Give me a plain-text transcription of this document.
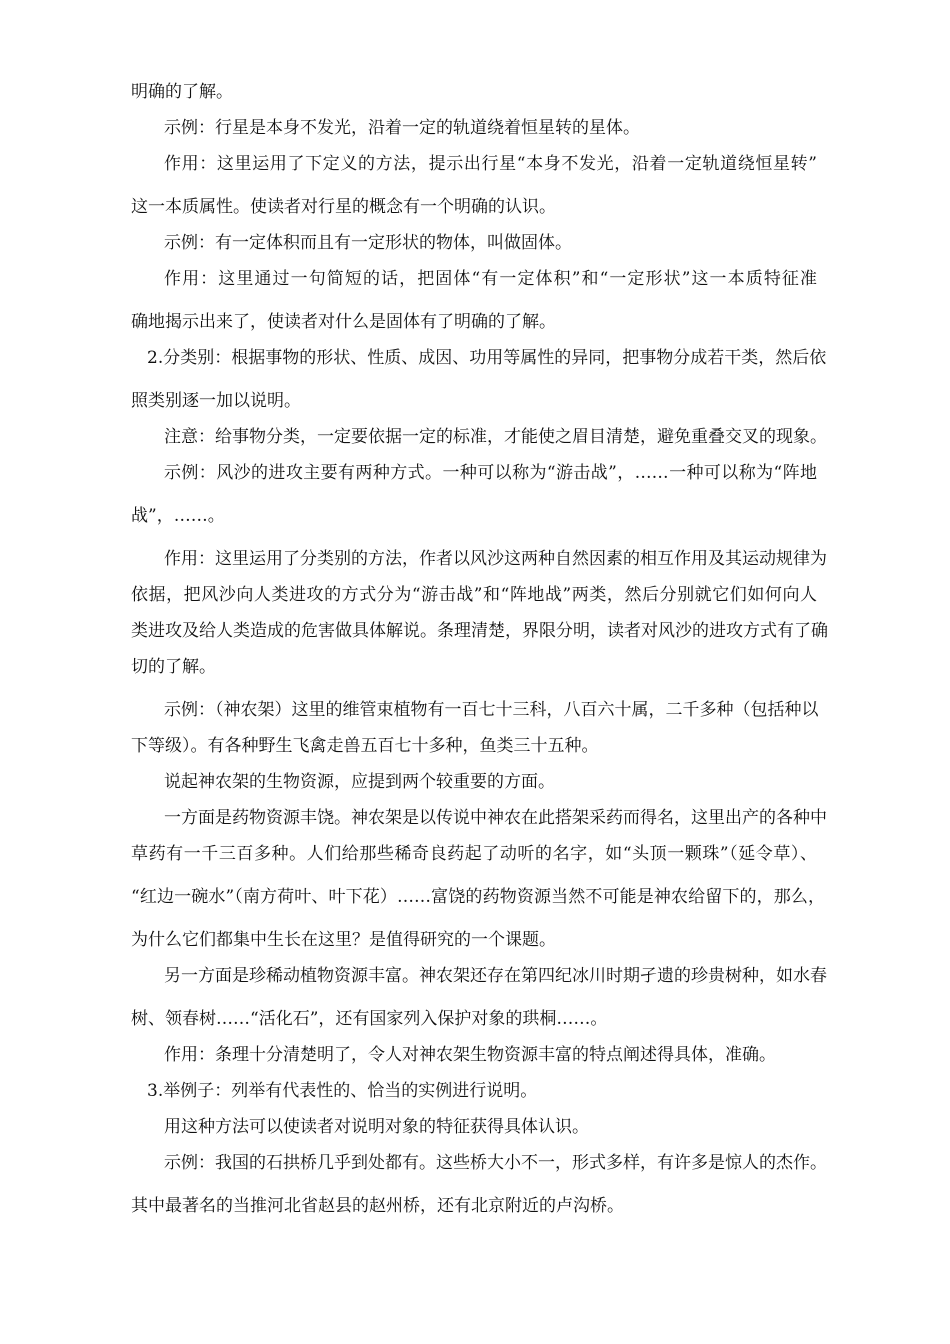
明确的了解。
示例：行星是本身不发光，沿着一定的轨道绕着恒星转的星体。
作用：这里运用了下定义的方法，提示出行星“本身不发光，沿着一定轨道绕恒星转”
这一本质属性。使读者对行星的概念有一个明确的认识。
示例：有一定体积而且有一定形状的物体，叫做固体。
作用：这里通过一句简短的话，把固体“有一定体积”和“一定形状”这一本质特征准
确地揭示出来了，使读者对什么是固体有了明确的了解。
2.分类别：根据事物的形状、性质、成因、功用等属性的异同，把事物分成若干类，然后依
照类别逐一加以说明。
注意：给事物分类，一定要依据一定的标准，才能使之眉目清楚，避免重叠交叉的现象。
示例：风沙的进攻主要有两种方式。一种可以称为“游击战”，……一种可以称为“阵地
战”，……。
作用：这里运用了分类别的方法，作者以风沙这两种自然因素的相互作用及其运动规律为
依据，把风沙向人类进攻的方式分为“游击战”和“阵地战”两类，然后分别就它们如何向人
类进攻及给人类造成的危害做具体解说。条理清楚，界限分明，读者对风沙的进攻方式有了确
切的了解。
示例：（神农架）这里的维管束植物有一百七十三科，八百六十属，二千多种（包括种以
下等级）。有各种野生飞禽走兽五百七十多种，鱼类三十五种。
说起神农架的生物资源，应提到两个较重要的方面。
一方面是药物资源丰饶。神农架是以传说中神农在此搭架采药而得名，这里出产的各种中
草药有一千三百多种。人们给那些稀奇良药起了动听的名字，如“头顶一颗珠”（延令草）、
“红边一碗水”（南方荷叶、叶下花）……富饶的药物资源当然不可能是神农给留下的，那么，
为什么它们都集中生长在这里？是值得研究的一个课题。
另一方面是珍稀动植物资源丰富。神农架还存在第四纪冰川时期孑遗的珍贵树种，如水春
树、领春树……“活化石”，还有国家列入保护对象的珙桐……。
作用：条理十分清楚明了，令人对神农架生物资源丰富的特点阐述得具体，准确。
3.举例子：列举有代表性的、恰当的实例进行说明。
用这种方法可以使读者对说明对象的特征获得具体认识。
示例：我国的石拱桥几乎到处都有。这些桥大小不一，形式多样，有许多是惊人的杰作。
其中最著名的当推河北省赵县的赵州桥，还有北京附近的卢沟桥。
